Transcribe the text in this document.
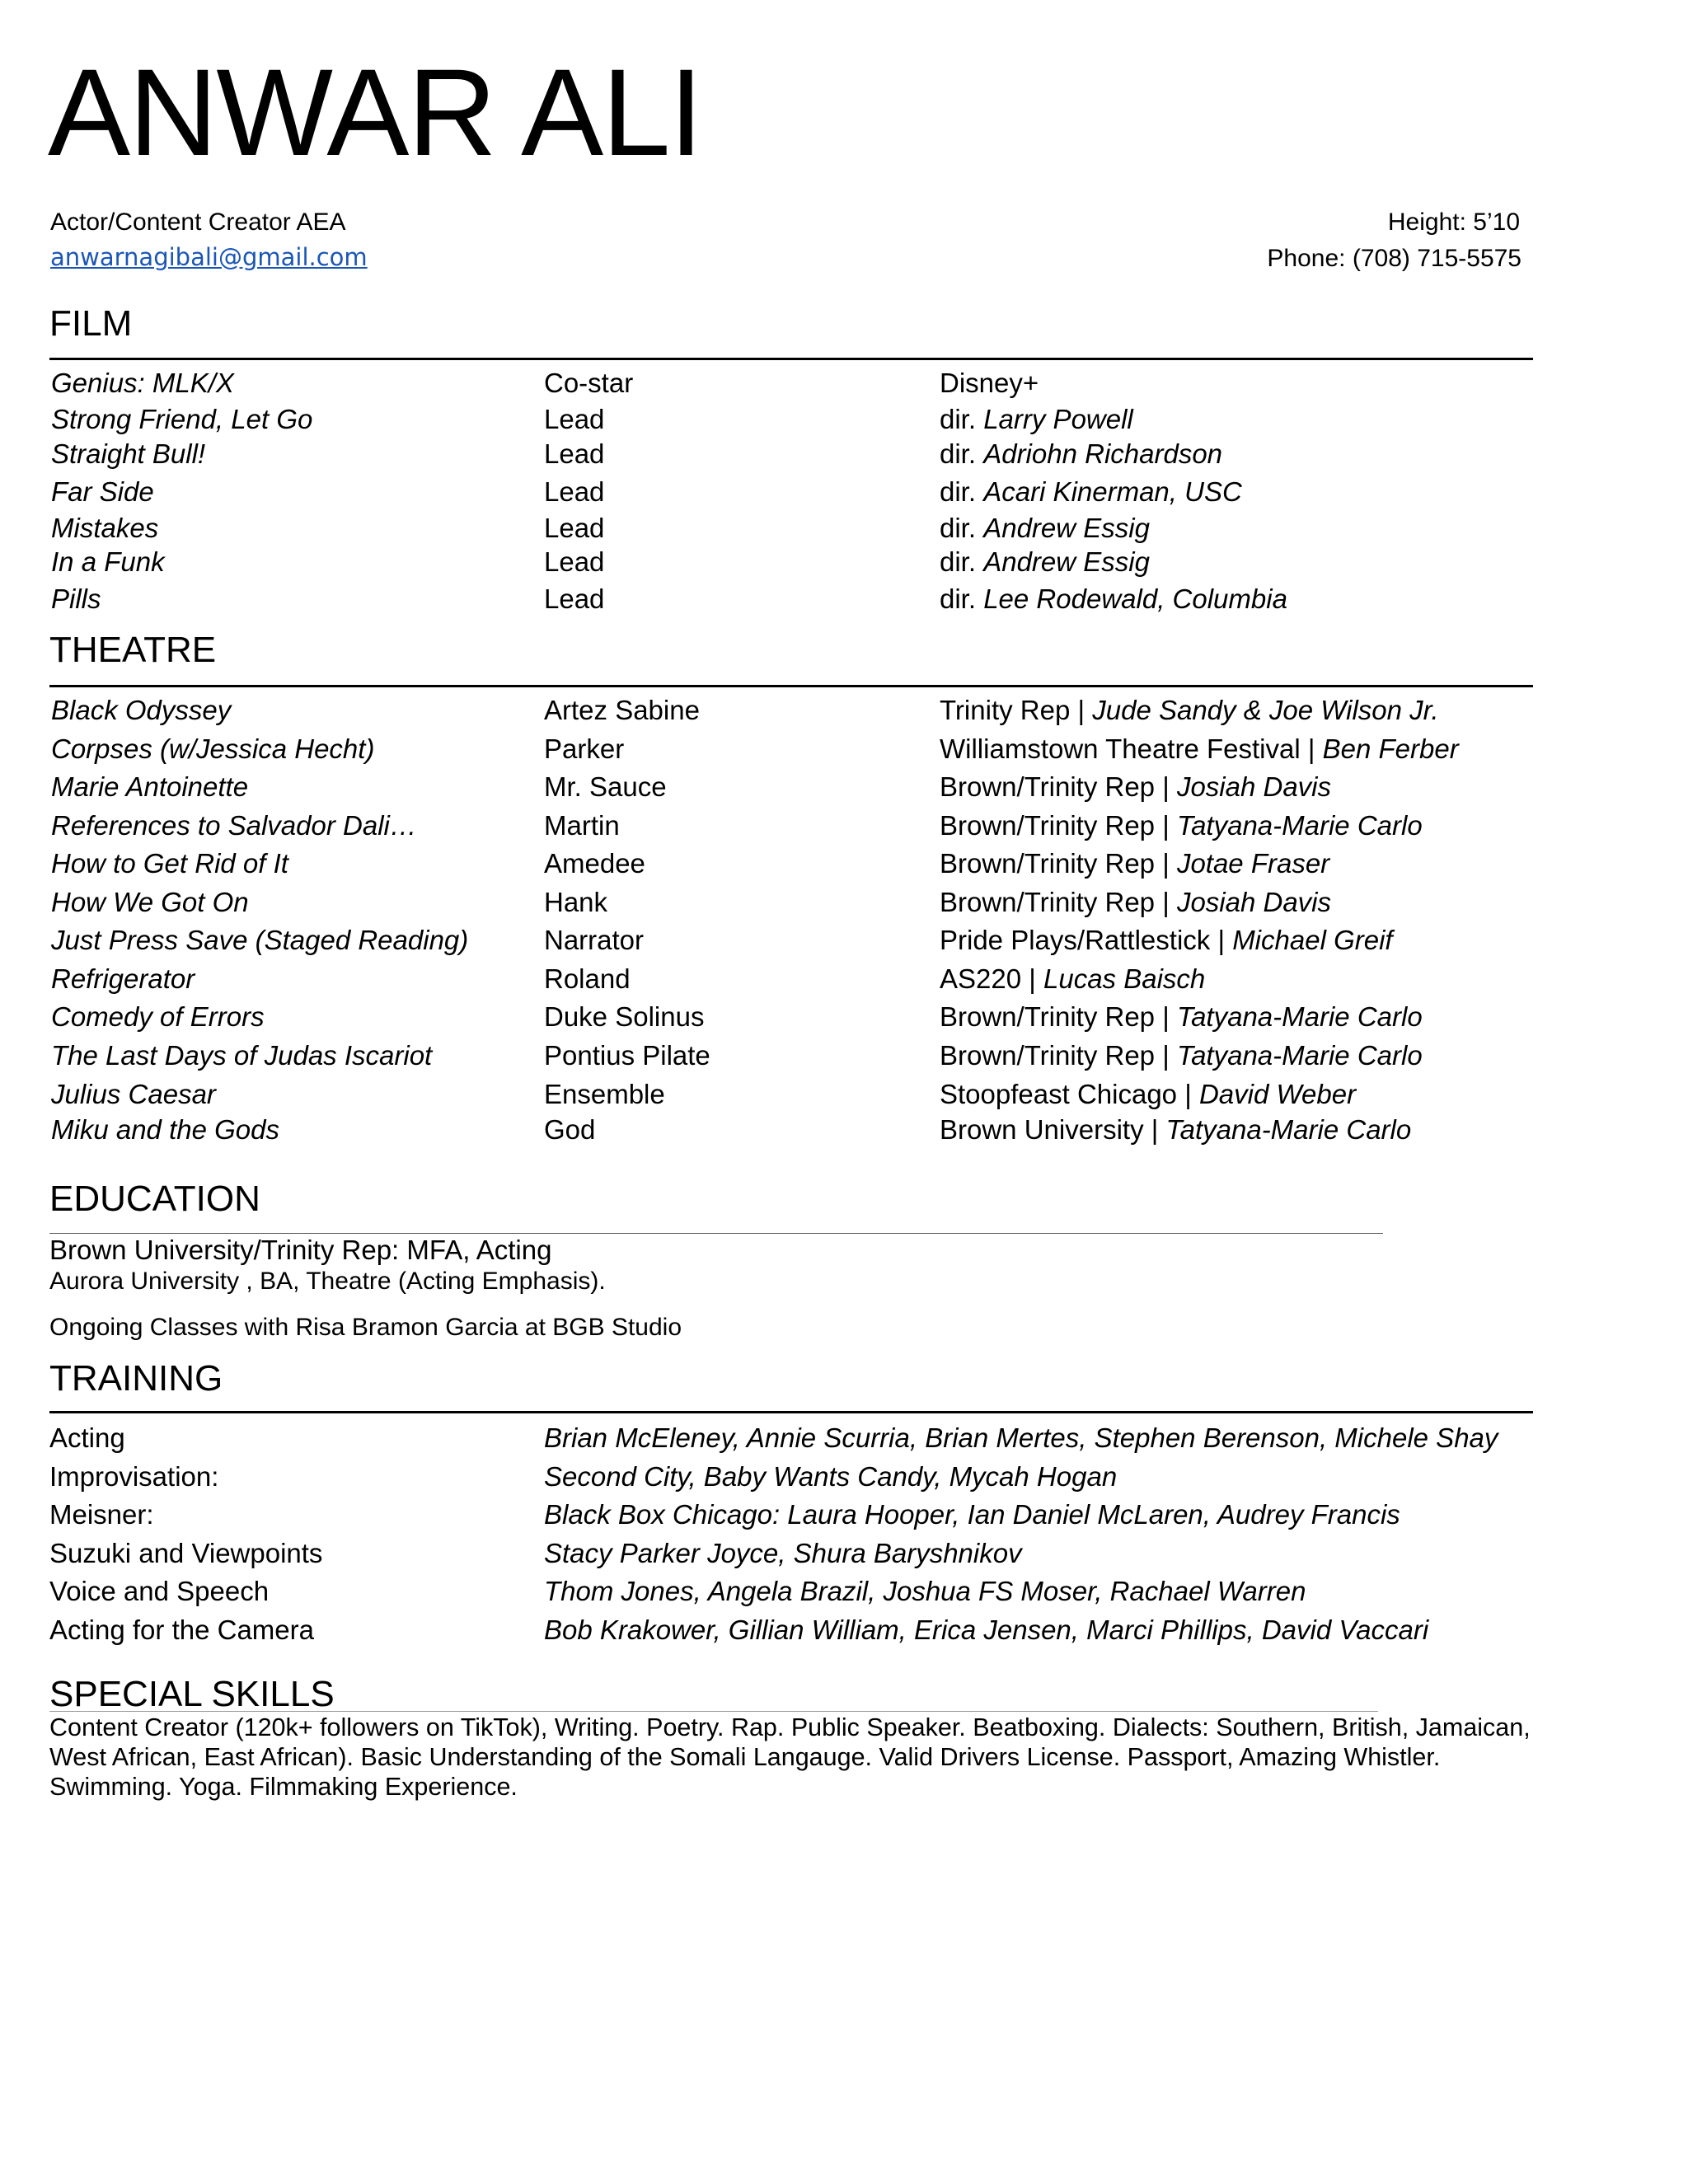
ANWAR ALI
Actor/Content Creator AEA
anwarnagibali@gmail.com
Height: 5’10
Phone: (708) 715-5575
FILM
Genius: MLK/X	Co-star	Disney+
Strong Friend, Let Go	Lead	dir. Larry Powell
Straight Bull!	Lead	dir. Adriohn Richardson
Far Side	Lead	dir. Acari Kinerman, USC
Mistakes	Lead	dir. Andrew Essig
In a Funk	Lead	dir. Andrew Essig
Pills	Lead	dir. Lee Rodewald, Columbia
THEATRE
Black Odyssey	Artez Sabine	Trinity Rep | Jude Sandy & Joe Wilson Jr.
Corpses (w/Jessica Hecht)	Parker	Williamstown Theatre Festival | Ben Ferber
Marie Antoinette	Mr. Sauce	Brown/Trinity Rep | Josiah Davis
References to Salvador Dali…	Martin	Brown/Trinity Rep | Tatyana-Marie Carlo
How to Get Rid of It	Amedee	Brown/Trinity Rep | Jotae Fraser
How We Got On	Hank	Brown/Trinity Rep | Josiah Davis
Just Press Save (Staged Reading)	Narrator	Pride Plays/Rattlestick | Michael Greif
Refrigerator	Roland	AS220 | Lucas Baisch
Comedy of Errors	Duke Solinus	Brown/Trinity Rep | Tatyana-Marie Carlo
The Last Days of Judas Iscariot	Pontius Pilate	Brown/Trinity Rep | Tatyana-Marie Carlo
Julius Caesar	Ensemble	Stoopfeast Chicago | David Weber
Miku and the Gods	God	Brown University | Tatyana-Marie Carlo
EDUCATION
Brown University/Trinity Rep: MFA, Acting
Aurora University , BA, Theatre (Acting Emphasis).
Ongoing Classes with Risa Bramon Garcia at BGB Studio
TRAINING
Acting	Brian McEleney, Annie Scurria, Brian Mertes, Stephen Berenson, Michele Shay
Improvisation:	Second City, Baby Wants Candy, Mycah Hogan
Meisner:	Black Box Chicago: Laura Hooper, Ian Daniel McLaren, Audrey Francis
Suzuki and Viewpoints	Stacy Parker Joyce, Shura Baryshnikov
Voice and Speech	Thom Jones, Angela Brazil, Joshua FS Moser, Rachael Warren
Acting for the Camera	Bob Krakower, Gillian William, Erica Jensen, Marci Phillips, David Vaccari
SPECIAL SKILLS
Content Creator (120k+ followers on TikTok), Writing. Poetry. Rap. Public Speaker. Beatboxing. Dialects: Southern, British, Jamaican, West African, East African). Basic Understanding of the Somali Langauge. Valid Drivers License. Passport, Amazing Whistler. Swimming. Yoga. Filmmaking Experience.
